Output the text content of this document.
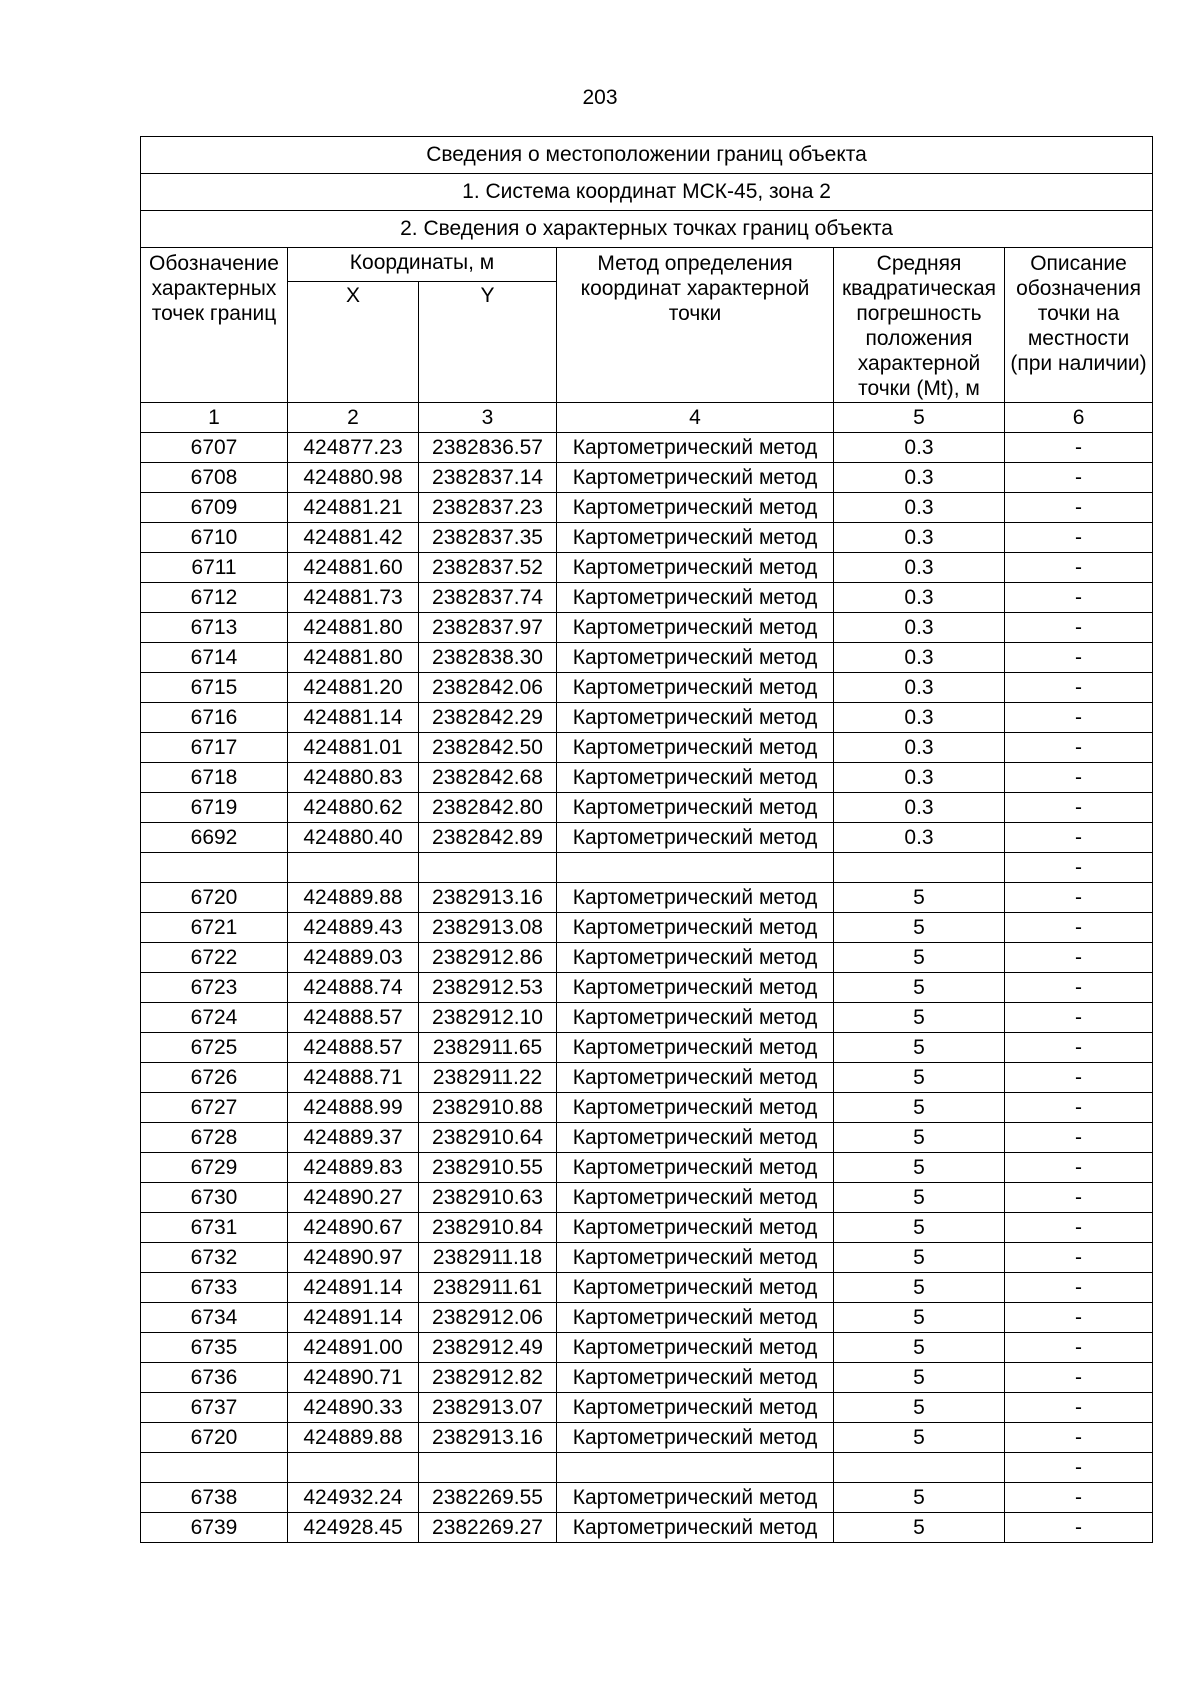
203
Сведения о местоположении границ объекта					
1. Система координат МСК-45, зона 2					
2. Сведения о характерных точках границ объекта					
Обозначение характерных точек границ	Координаты, м		Метод определения координат характерной точки	Средняя квадратическая погрешность положения характерной точки (Mt), м	Описание обозначения точки на местности (при наличии)
	X	Y			
1	2	3	4	5	6
6707	424877.23	2382836.57	Картометрический метод	0.3	-
6708	424880.98	2382837.14	Картометрический метод	0.3	-
6709	424881.21	2382837.23	Картометрический метод	0.3	-
6710	424881.42	2382837.35	Картометрический метод	0.3	-
6711	424881.60	2382837.52	Картометрический метод	0.3	-
6712	424881.73	2382837.74	Картометрический метод	0.3	-
6713	424881.80	2382837.97	Картометрический метод	0.3	-
6714	424881.80	2382838.30	Картометрический метод	0.3	-
6715	424881.20	2382842.06	Картометрический метод	0.3	-
6716	424881.14	2382842.29	Картометрический метод	0.3	-
6717	424881.01	2382842.50	Картометрический метод	0.3	-
6718	424880.83	2382842.68	Картометрический метод	0.3	-
6719	424880.62	2382842.80	Картометрический метод	0.3	-
6692	424880.40	2382842.89	Картометрический метод	0.3	-
					-
6720	424889.88	2382913.16	Картометрический метод	5	-
6721	424889.43	2382913.08	Картометрический метод	5	-
6722	424889.03	2382912.86	Картометрический метод	5	-
6723	424888.74	2382912.53	Картометрический метод	5	-
6724	424888.57	2382912.10	Картометрический метод	5	-
6725	424888.57	2382911.65	Картометрический метод	5	-
6726	424888.71	2382911.22	Картометрический метод	5	-
6727	424888.99	2382910.88	Картометрический метод	5	-
6728	424889.37	2382910.64	Картометрический метод	5	-
6729	424889.83	2382910.55	Картометрический метод	5	-
6730	424890.27	2382910.63	Картометрический метод	5	-
6731	424890.67	2382910.84	Картометрический метод	5	-
6732	424890.97	2382911.18	Картометрический метод	5	-
6733	424891.14	2382911.61	Картометрический метод	5	-
6734	424891.14	2382912.06	Картометрический метод	5	-
6735	424891.00	2382912.49	Картометрический метод	5	-
6736	424890.71	2382912.82	Картометрический метод	5	-
6737	424890.33	2382913.07	Картометрический метод	5	-
6720	424889.88	2382913.16	Картометрический метод	5	-
					-
6738	424932.24	2382269.55	Картометрический метод	5	-
6739	424928.45	2382269.27	Картометрический метод	5	-
